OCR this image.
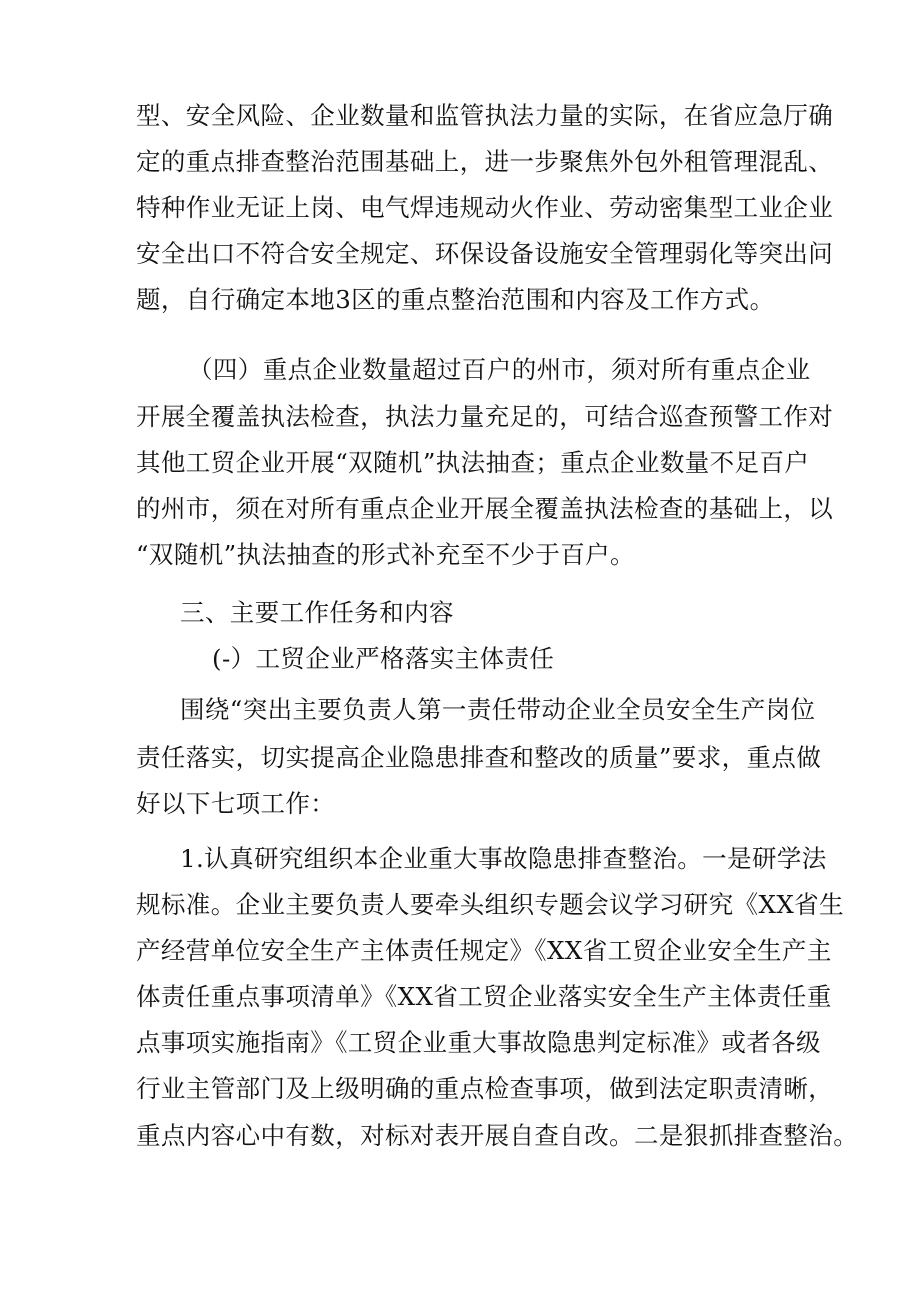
型、安全风险、企业数量和监管执法力量的实际，在省应急厅确
定的重点排查整治范围基础上，进一步聚焦外包外租管理混乱、
特种作业无证上岗、电气焊违规动火作业、劳动密集型工业企业
安全出口不符合安全规定、环保设备设施安全管理弱化等突出问
题，自行确定本地3区的重点整治范围和内容及工作方式。
（四）重点企业数量超过百户的州市，须对所有重点企业
开展全覆盖执法检查，执法力量充足的，可结合巡查预警工作对
其他工贸企业开展“双随机”执法抽查；重点企业数量不足百户
的州市，须在对所有重点企业开展全覆盖执法检查的基础上，以
“双随机”执法抽查的形式补充至不少于百户。
三、主要工作任务和内容
(-）工贸企业严格落实主体责任
围绕“突出主要负责人第一责任带动企业全员安全生产岗位
责任落实，切实提高企业隐患排查和整改的质量”要求，重点做
好以下七项工作：
1.认真研究组织本企业重大事故隐患排查整治。一是研学法
规标准。企业主要负责人要牵头组织专题会议学习研究《XX省生
产经营单位安全生产主体责任规定》《XX省工贸企业安全生产主
体责任重点事项清单》《XX省工贸企业落实安全生产主体责任重
点事项实施指南》《工贸企业重大事故隐患判定标准》或者各级
行业主管部门及上级明确的重点检查事项，做到法定职责清晰，
重点内容心中有数，对标对表开展自查自改。二是狠抓排查整治。
